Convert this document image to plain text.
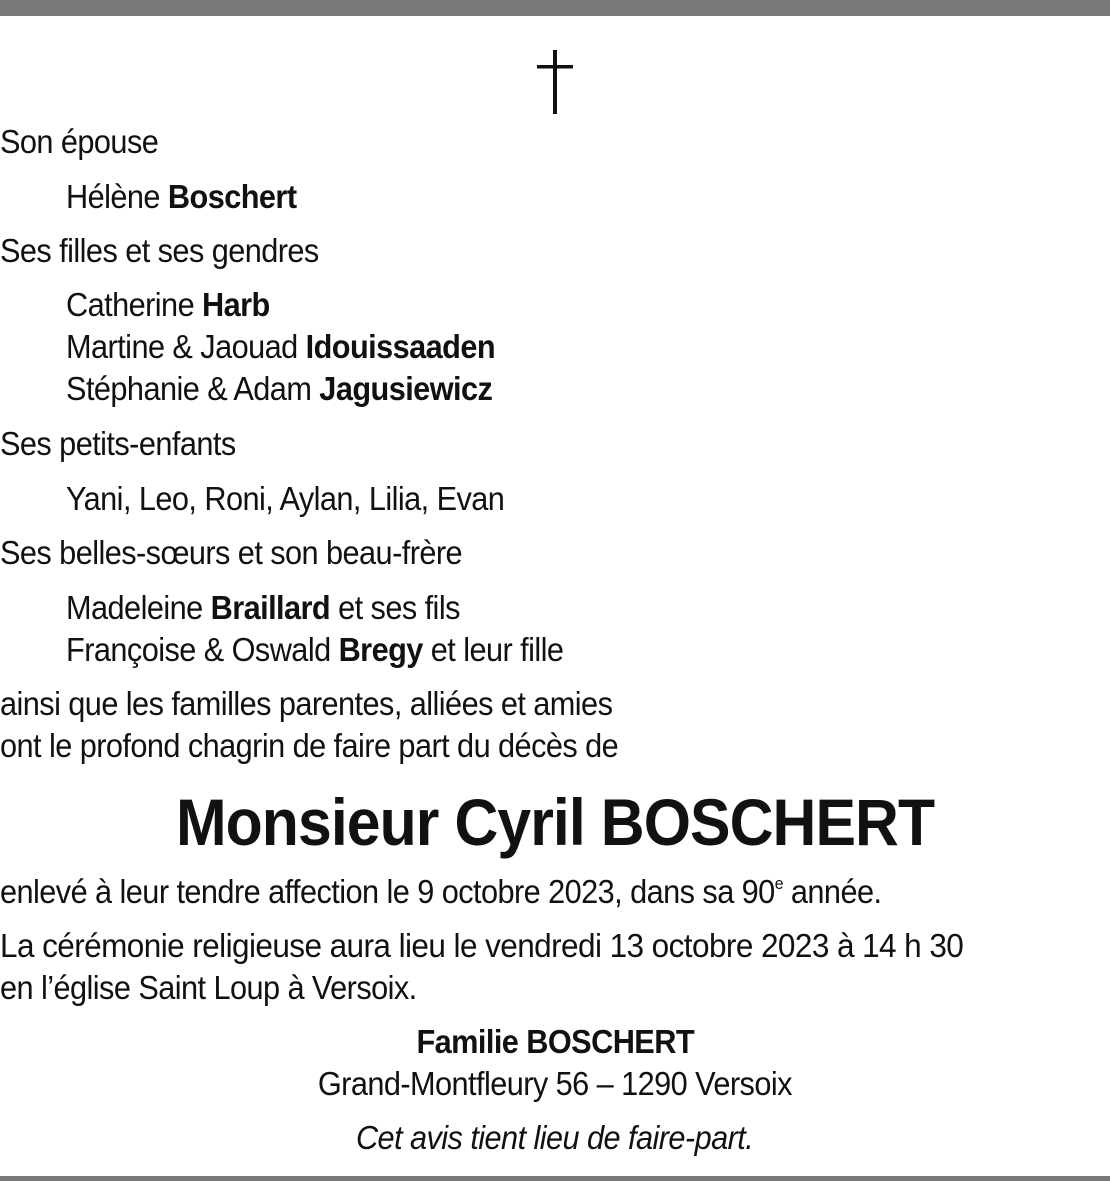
Son épouse
Hélène Boschert
Ses filles et ses gendres
Catherine Harb
Martine & Jaouad Idouissaaden
Stéphanie & Adam Jagusiewicz
Ses petits-enfants
Yani, Leo, Roni, Aylan, Lilia, Evan
Ses belles-sœurs et son beau-frère
Madeleine Braillard et ses fils
Françoise & Oswald Bregy et leur fille
ainsi que les familles parentes, alliées et amies
ont le profond chagrin de faire part du décès de
Monsieur Cyril BOSCHERT
enlevé à leur tendre affection le 9 octobre 2023, dans sa 90e année.
La cérémonie religieuse aura lieu le vendredi 13 octobre 2023 à 14 h 30
en l’église Saint Loup à Versoix.
Familie BOSCHERT
Grand-Montfleury 56 – 1290 Versoix
Cet avis tient lieu de faire-part.
